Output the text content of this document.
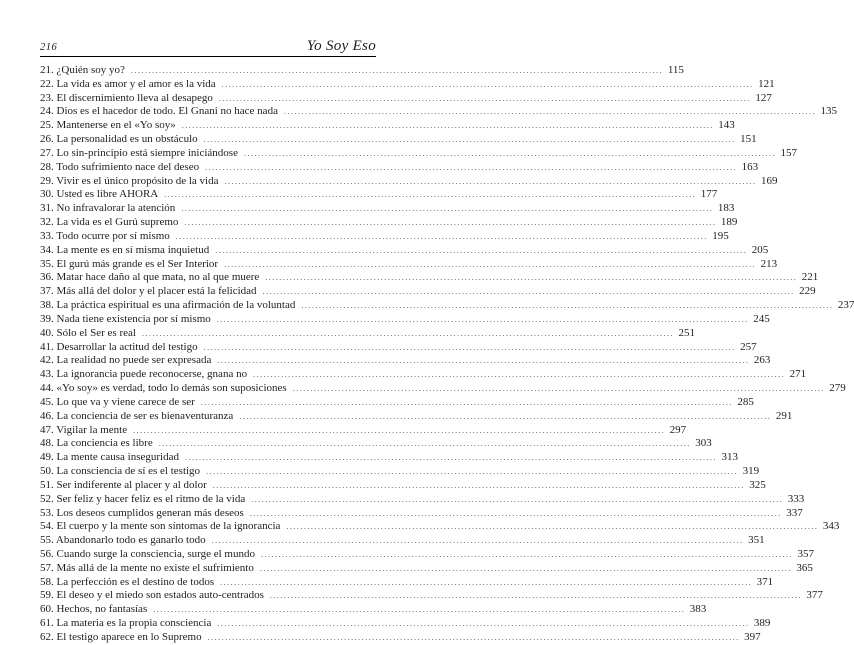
216	Yo Soy Eso
21. ¿Quién soy yo? .....	115
22. La vida es amor y el amor es la vida .....	121
23. El discernimiento lleva al desapego .....	127
24. Dios es el hacedor de todo. El Gnani no hace nada .....	135
25. Mantenerse en el «Yo soy» .....	143
26. La personalidad es un obstáculo .....	151
27. Lo sin-principio está siempre iniciándose .....	157
28. Todo sufrimiento nace del deseo .....	163
29. Vivir es el único propósito de la vida .....	169
30. Usted es libre AHORA .....	177
31. No infravalorar la atención .....	183
32. La vida es el Gurú supremo .....	189
33. Todo ocurre por sí mismo .....	195
34. La mente es en sí misma inquietud .....	205
35. El gurú más grande es el Ser Interior .....	213
36. Matar hace daño al que mata, no al que muere .....	221
37. Más allá del dolor y el placer está la felicidad .....	229
38. La práctica espiritual es una afirmación de la voluntad .....	237
39. Nada tiene existencia por sí mismo .....	245
40. Sólo el Ser es real .....	251
41. Desarrollar la actitud del testigo .....	257
42. La realidad no puede ser expresada .....	263
43. La ignorancia puede reconocerse, gnana no .....	271
44. «Yo soy» es verdad, todo lo demás son suposiciones .....	279
45. Lo que va y viene carece de ser .....	285
46. La conciencia de ser es bienaventuranza .....	291
47. Vigilar la mente .....	297
48. La conciencia es libre .....	303
49. La mente causa inseguridad .....	313
50. La consciencia de sí es el testigo .....	319
51. Ser indiferente al placer y al dolor .....	325
52. Ser feliz y hacer feliz es el ritmo de la vida .....	333
53. Los deseos cumplidos generan más deseos .....	337
54. El cuerpo y la mente son síntomas de la ignorancia .....	343
55. Abandonarlo todo es ganarlo todo .....	351
56. Cuando surge la consciencia, surge el mundo .....	357
57. Más allá de la mente no existe el sufrimiento .....	365
58. La perfección es el destino de todos .....	371
59. El deseo y el miedo son estados auto-centrados .....	377
60. Hechos, no fantasías .....	383
61. La materia es la propia consciencia .....	389
62. El testigo aparece en lo Supremo .....	397
